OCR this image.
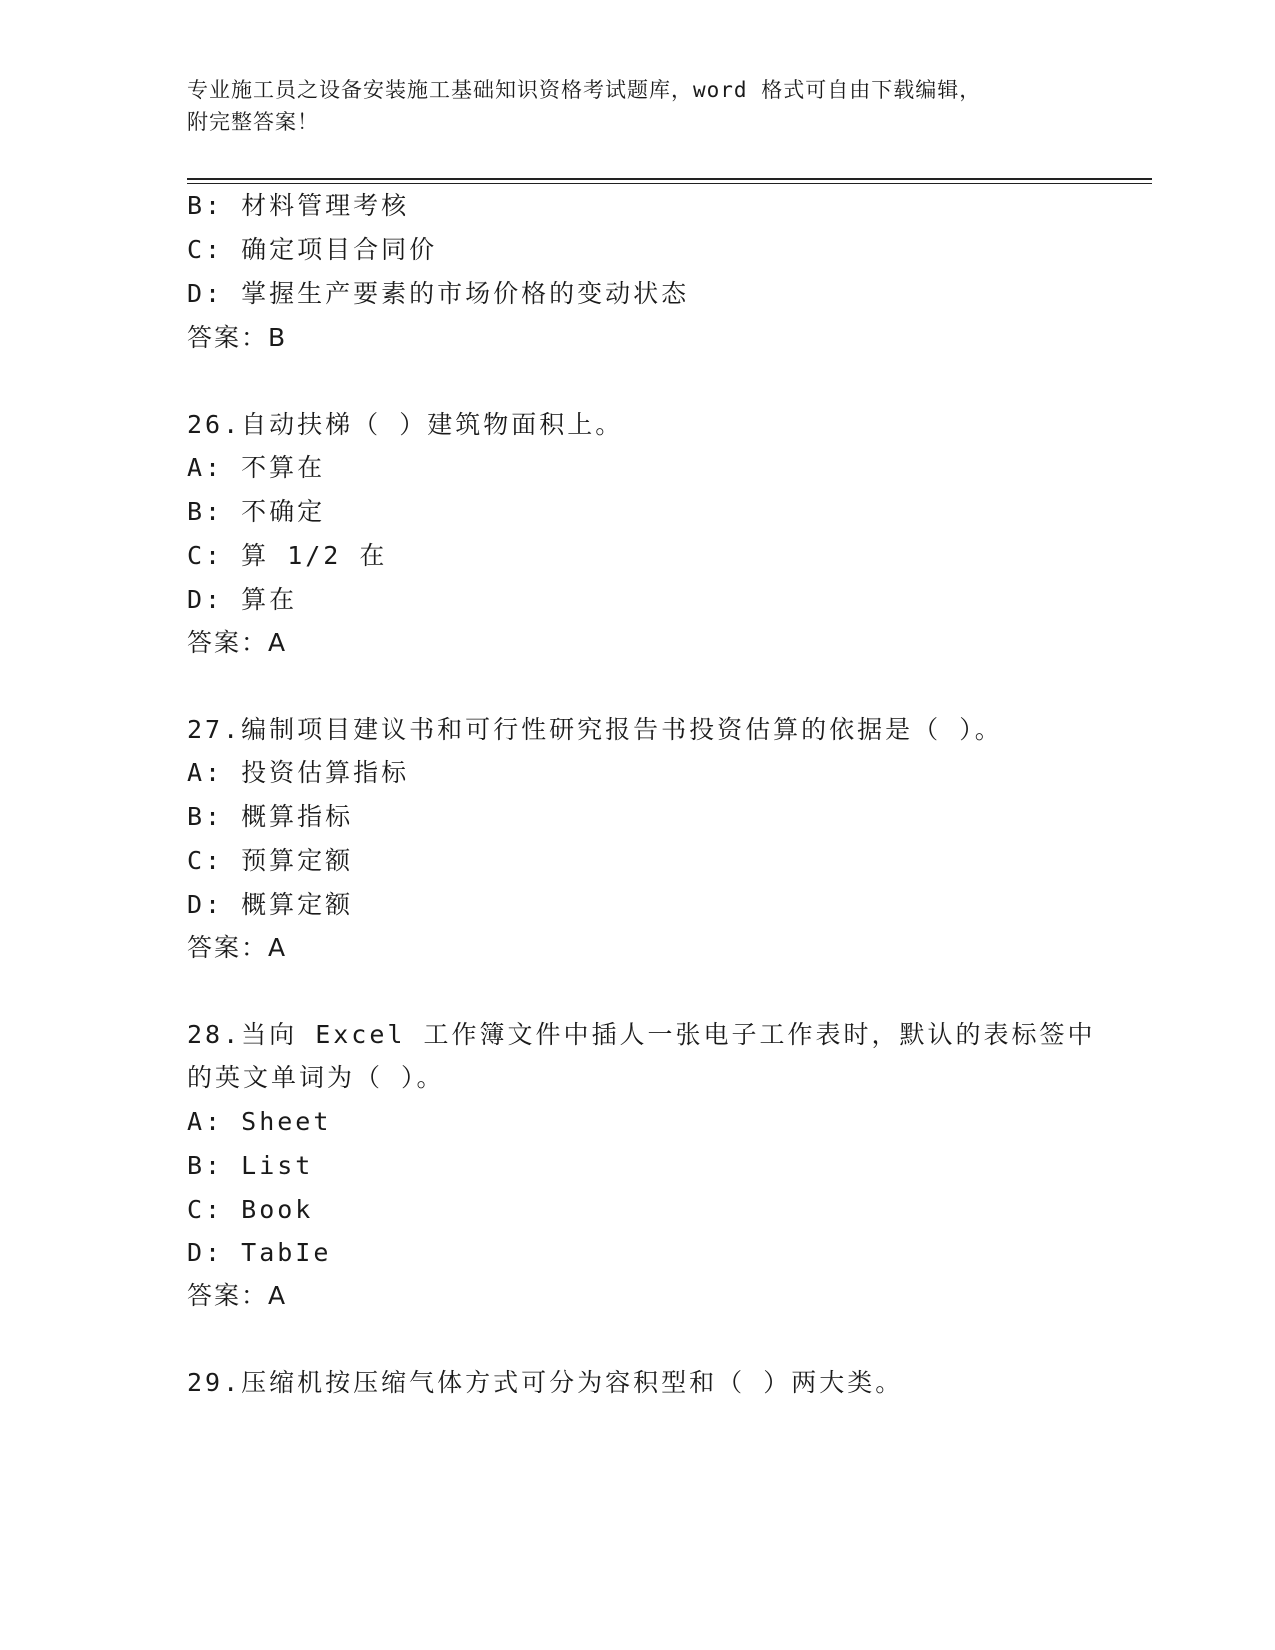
专业施工员之设备安装施工基础知识资格考试题库，word 格式可自由下载编辑，
附完整答案！
B: 材料管理考核
C: 确定项目合同价
D: 掌握生产要素的市场价格的变动状态
答案：B
26.自动扶梯（ ）建筑物面积上。
A: 不算在
B: 不确定
C: 算 1/2 在
D: 算在
答案：A
27.编制项目建议书和可行性研究报告书投资估算的依据是（ ）。
A: 投资估算指标
B: 概算指标
C: 预算定额
D: 概算定额
答案：A
28.当向 Excel 工作簿文件中插人一张电子工作表时，默认的表标签中
的英文单词为（ ）。
A: Sheet
B: List
C: Book
D: TabIe
答案：A
29.压缩机按压缩气体方式可分为容积型和（ ）两大类。
